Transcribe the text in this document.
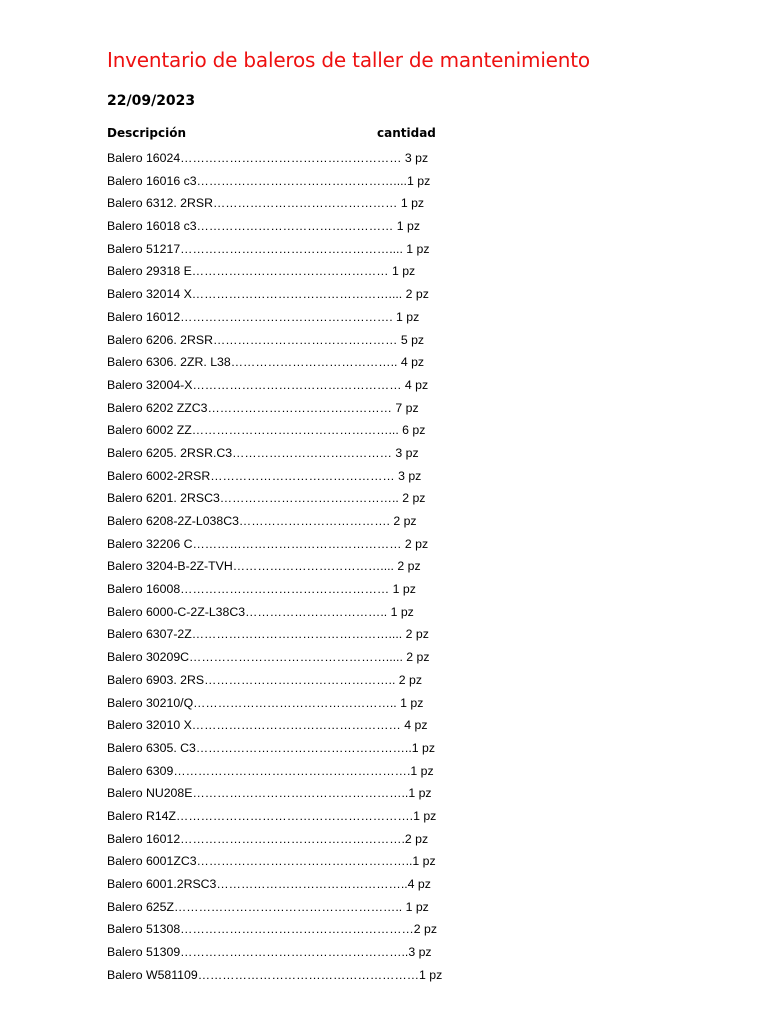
Inventario de baleros de taller de mantenimiento
22/09/2023
Descripción	cantidad
Balero 16024……………………………………………… 3 pz
Balero 16016 c3…………………………………………....1 pz
Balero 6312. 2RSR……………………………………… 1 pz
Balero 16018 c3………………………………………… 1 pz
Balero 51217…………………………………………….... 1 pz
Balero 29318 E………………………………………… 1 pz
Balero 32014 X………………………………………….... 2 pz
Balero 16012……………………………………………. 1 pz
Balero 6206. 2RSR……………………………………… 5 pz
Balero 6306. 2ZR. L38………………………………….. 4 pz
Balero 32004-X…………………………………………… 4 pz
Balero 6202 ZZC3……………………………………… 7 pz
Balero 6002 ZZ…………………………………………... 6 pz
Balero 6205. 2RSR.C3………………………………… 3 pz
Balero 6002-2RSR……………………………………… 3 pz
Balero 6201. 2RSC3…………………………………….. 2 pz
Balero 6208-2Z-L038C3………………………………. 2 pz
Balero 32206 C…………………………………………… 2 pz
Balero 3204-B-2Z-TVH……………………………….... 2 pz
Balero 16008…………………………………………… 1 pz
Balero 6000-C-2Z-L38C3…………………………….. 1 pz
Balero 6307-2Z………………………………………….... 2 pz
Balero 30209C…………………………………………..... 2 pz
Balero 6903. 2RS……………………………………….. 2 pz
Balero 30210/Q………………………………………….. 1 pz
Balero 32010 X…………………………………………… 4 pz
Balero 6305. C3……………………………………………..1 pz
Balero 6309………………………………………………….1 pz
Balero NU208E……………………………………………..1 pz
Balero R14Z………………………………………………….1 pz
Balero 16012……………………………………………….2 pz
Balero 6001ZC3……………………………………………..1 pz
Balero 6001.2RSC3………………………………………..4 pz
Balero 625Z……………………………………………….. 1 pz
Balero 51308…………………………………………………2 pz
Balero 51309………………………………………………..3 pz
Balero W581109………………………………………………1 pz
